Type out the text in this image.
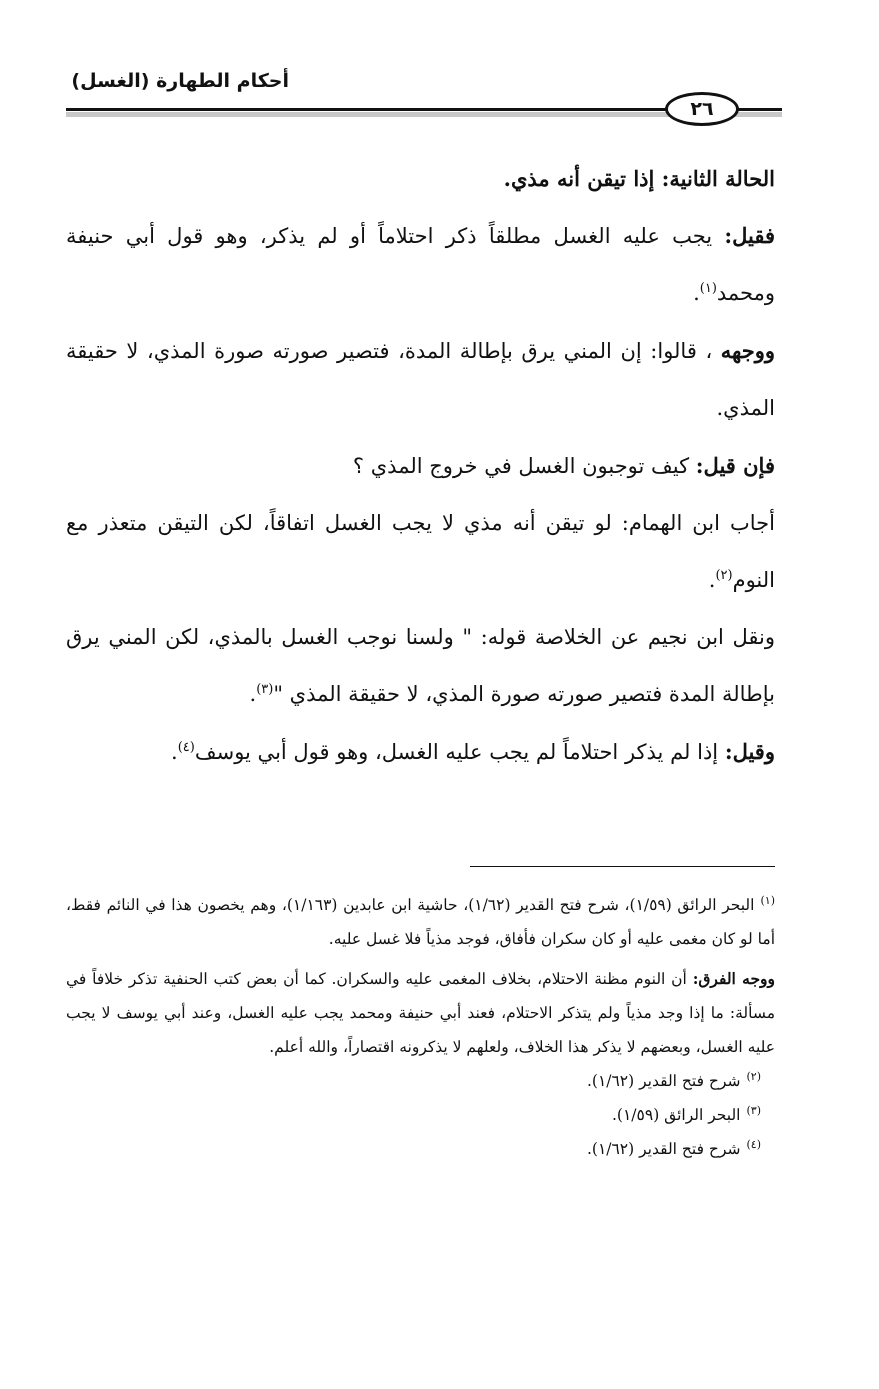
أحكام الطهارة (الغسل)
٢٦

الحالة الثانية: إذا تيقن أنه مذي.

فقيل: يجب عليه الغسل مطلقاً ذكر احتلاماً أو لم يذكر، وهو قول أبي حنيفة ومحمد$^{(١)}$.

ووجهه ، قالوا: إن المني يرق بإطالة المدة، فتصير صورته صورة المذي، لا حقيقة المذي.

فإن قيل: كيف توجبون الغسل في خروج المذي ؟

أجاب ابن الهمام: لو تيقن أنه مذي لا يجب الغسل اتفاقاً، لكن التيقن متعذر مع النوم$^{(٢)}$.

ونقل ابن نجيم عن الخلاصة قوله: " ولسنا نوجب الغسل بالمذي، لكن المني يرق بإطالة المدة فتصير صورته صورة المذي، لا حقيقة المذي "$^{(٣)}$.

وقيل: إذا لم يذكر احتلاماً لم يجب عليه الغسل، وهو قول أبي يوسف$^{(٤)}$.

$^{(١)}$البحر الرائق (١/٥٩)، شرح فتح القدير (١/٦٢)، حاشية ابن عابدين (١/١٦٣)، وهم يخصون هذا في النائم فقط، أما لو كان مغمى عليه أو كان سكران فأفاق، فوجد مذياً فلا غسل عليه.

ووجه الفرق: أن النوم مظنة الاحتلام، بخلاف المغمى عليه والسكران. كما أن بعض كتب الحنفية تذكر خلافاً في مسألة: ما إذا وجد مذياً ولم يتذكر الاحتلام، فعند أبي حنيفة ومحمد يجب عليه الغسل، وعند أبي يوسف لا يجب عليه الغسل، وبعضهم لا يذكر هذا الخلاف، ولعلهم لا يذكرونه اقتصاراً، والله أعلم.

$^{(٢)}$شرح فتح القدير (١/٦٢).

$^{(٣)}$البحر الرائق (١/٥٩).

$^{(٤)}$شرح فتح القدير (١/٦٢).
